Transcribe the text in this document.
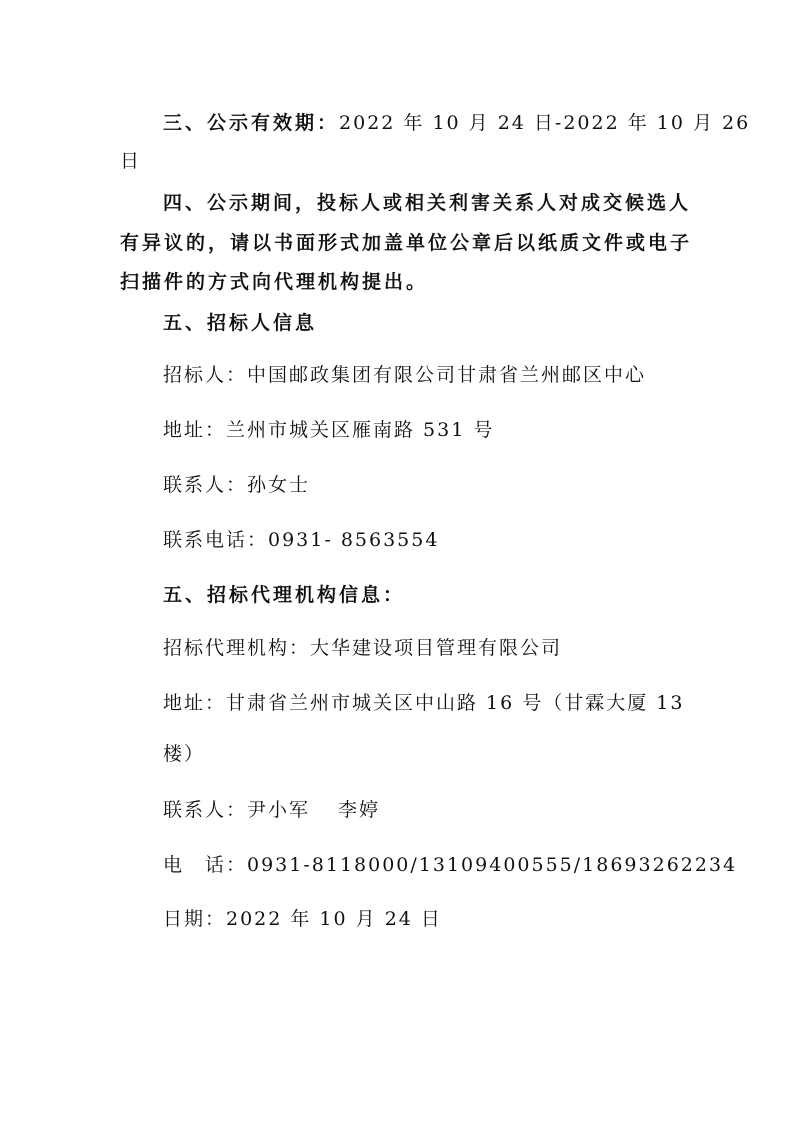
三、公示有效期：2022 年 10 月 24 日-2022 年 10 月 26
日
四、公示期间，投标人或相关利害关系人对成交候选人
有异议的，请以书面形式加盖单位公章后以纸质文件或电子
扫描件的方式向代理机构提出。
五、招标人信息
招标人：中国邮政集团有限公司甘肃省兰州邮区中心
地址：兰州市城关区雁南路 531 号
联系人：孙女士
联系电话：0931- 8563554
五、招标代理机构信息：
招标代理机构：大华建设项目管理有限公司
地址：甘肃省兰州市城关区中山路 16 号（甘霖大厦 13
楼）
联系人：尹小军 李婷
电　话：0931-8118000/13109400555/18693262234
日期：2022 年 10 月 24 日
